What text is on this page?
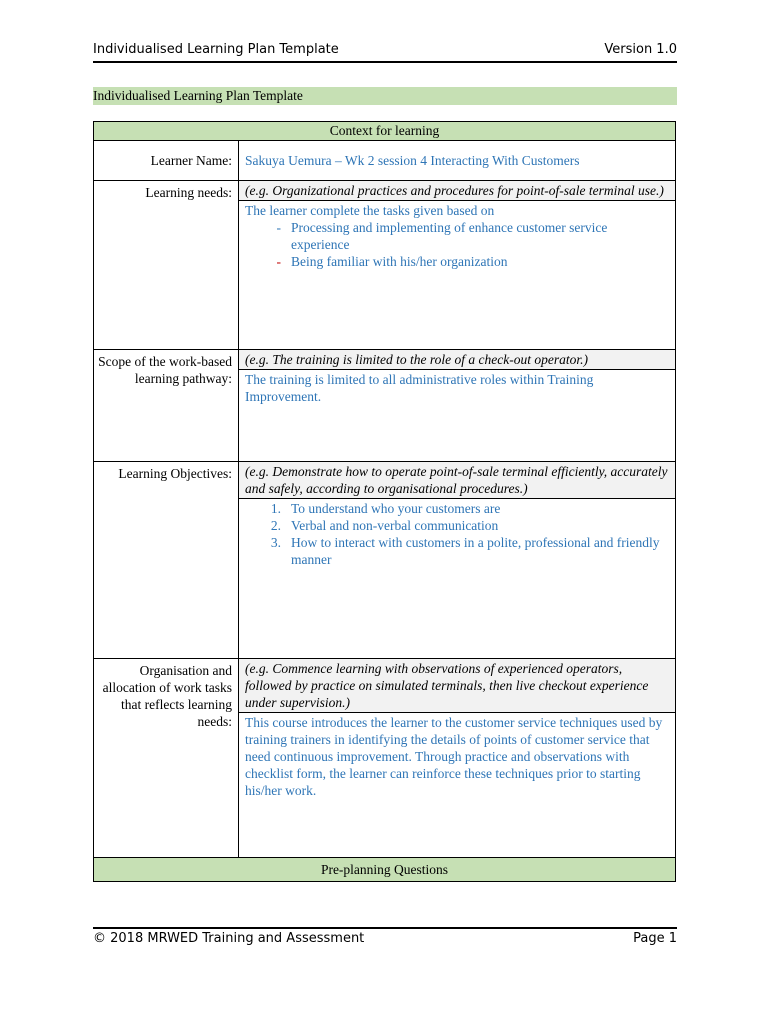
Individualised Learning Plan Template	Version 1.0
Individualised Learning Plan Template
Context for learning
Learner Name: Sakuya Uemura – Wk 2 session 4 Interacting With Customers
Learning needs: (e.g. Organizational practices and procedures for point-of-sale terminal use.)
The learner complete the tasks given based on
- Processing and implementing of enhance customer service experience
- Being familiar with his/her organization
Scope of the work-based learning pathway:
(e.g. The training is limited to the role of a check-out operator.)
The training is limited to all administrative roles within Training Improvement.
Learning Objectives: (e.g. Demonstrate how to operate point-of-sale terminal efficiently, accurately and safely, according to organisational procedures.)
1. To understand who your customers are
2. Verbal and non-verbal communication
3. How to interact with customers in a polite, professional and friendly manner
Organisation and allocation of work tasks that reflects learning needs:
(e.g. Commence learning with observations of experienced operators, followed by practice on simulated terminals, then live checkout experience under supervision.)
This course introduces the learner to the customer service techniques used by training trainers in identifying the details of points of customer service that need continuous improvement. Through practice and observations with checklist form, the learner can reinforce these techniques prior to starting his/her work.
Pre-planning Questions
© 2018 MRWED Training and Assessment	Page 1
